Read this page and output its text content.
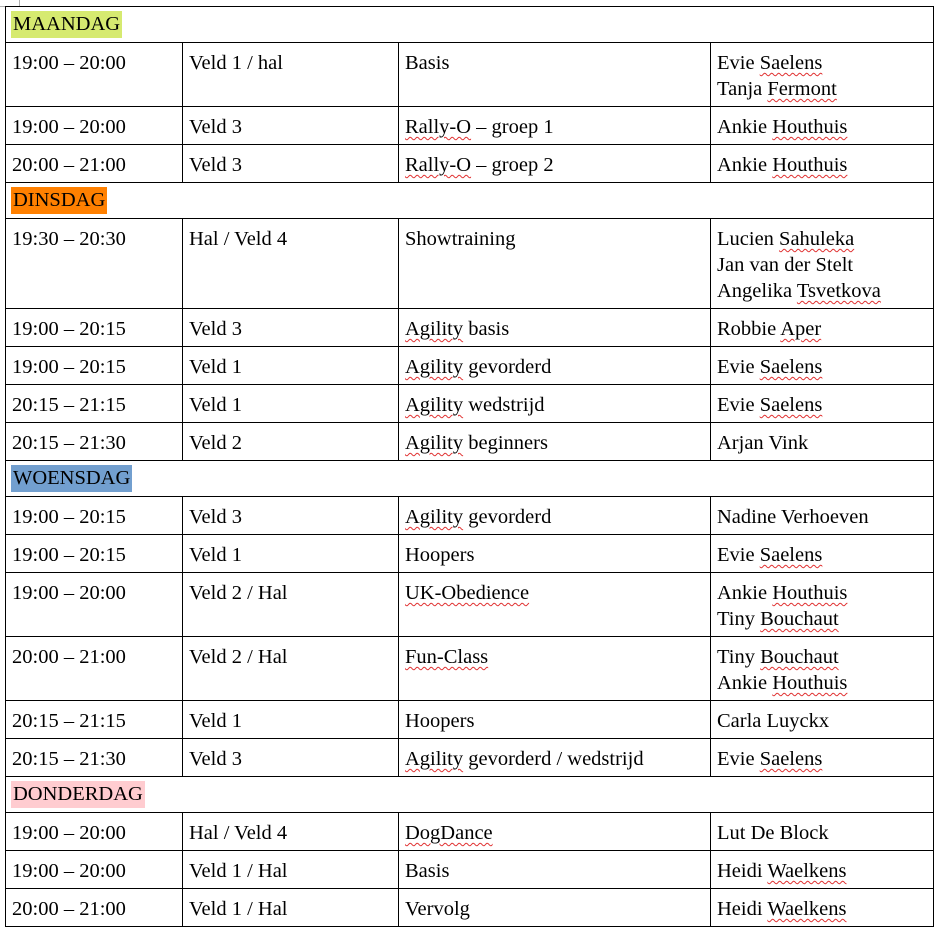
MAANDAG			
19:00 – 20:00	Veld 1 / hal	Basis	Evie Saelens
Tanja Fermont

19:00 – 20:00	Veld 3	Rally-O – groep 1	Ankie Houthuis

20:00 – 21:00	Veld 3	Rally-O – groep 2	Ankie Houthuis

DINSDAG			
19:30 – 20:30	Hal / Veld 4	Showtraining	Lucien Sahuleka
Jan van der Stelt
Angelika Tsvetkova

19:00 – 20:15	Veld 3	Agility basis	Robbie Aper

19:00 – 20:15	Veld 1	Agility gevorderd	Evie Saelens

20:15 – 21:15	Veld 1	Agility wedstrijd	Evie Saelens

20:15 – 21:30	Veld 2	Agility beginners	Arjan Vink

WOENSDAG			
19:00 – 20:15	Veld 3	Agility gevorderd	Nadine Verhoeven

19:00 – 20:15	Veld 1	Hoopers	Evie Saelens

19:00 – 20:00	Veld 2 / Hal	UK-Obedience	Ankie Houthuis
Tiny Bouchaut

20:00 – 21:00	Veld 2 / Hal	Fun-Class	Tiny Bouchaut
Ankie Houthuis

20:15 – 21:15	Veld 1	Hoopers	Carla Luyckx

20:15 – 21:30	Veld 3	Agility gevorderd / wedstrijd	Evie Saelens

DONDERDAG			
19:00 – 20:00	Hal / Veld 4	DogDance	Lut De Block

19:00 – 20:00	Veld 1 / Hal	Basis	Heidi Waelkens

20:00 – 21:00	Veld 1 / Hal	Vervolg	Heidi Waelkens
